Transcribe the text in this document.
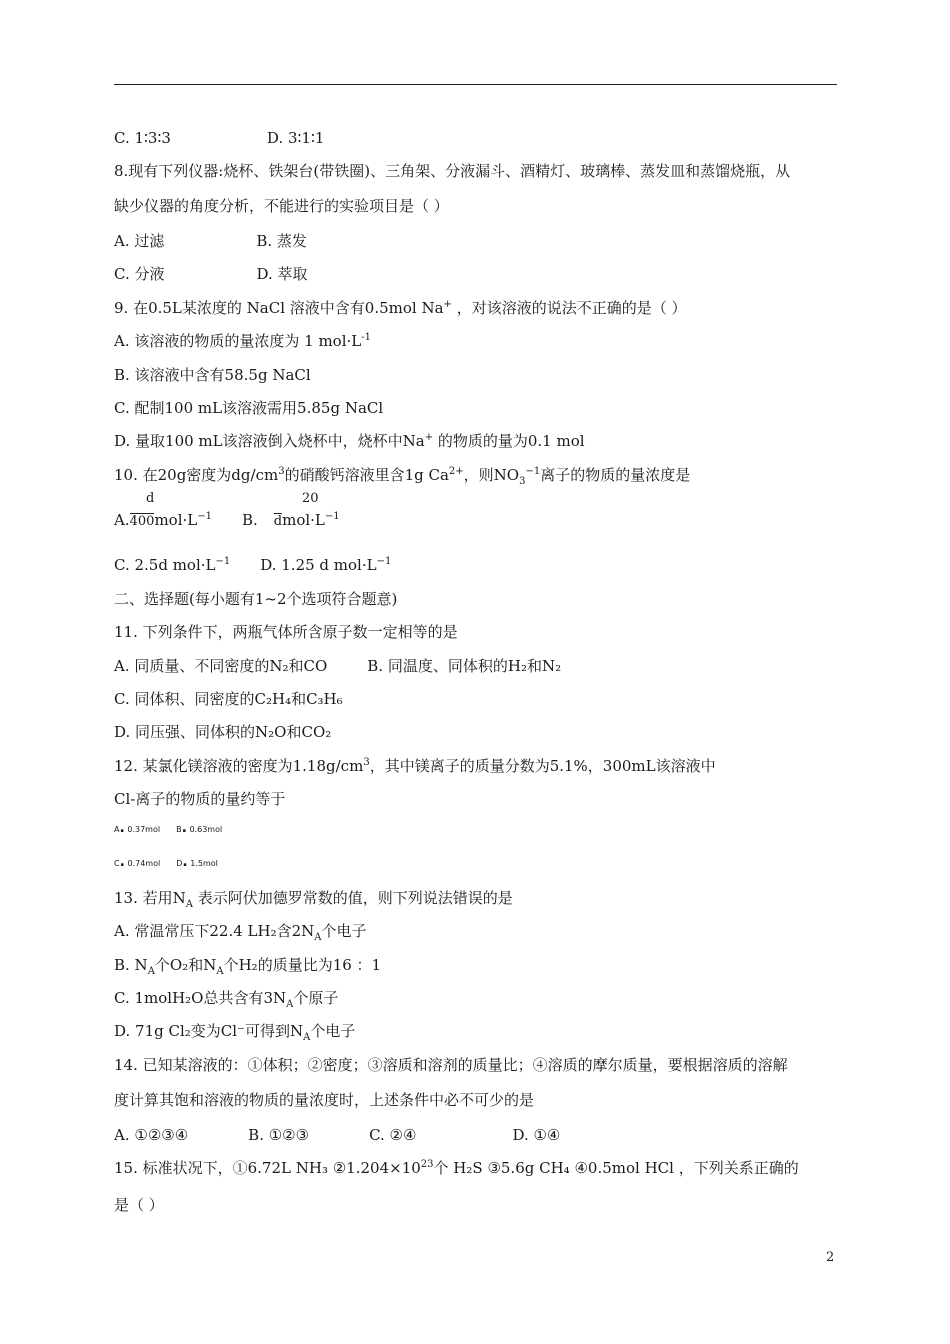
C. 1∶3∶3	D. 3∶1∶1
8.现有下列仪器:烧杯、铁架台(带铁圈)、三角架、分液漏斗、酒精灯、玻璃棒、蒸发皿和蒸馏烧瓶，从
缺少仪器的角度分析，不能进行的实验项目是（ ）
A. 过滤	B. 蒸发
C. 分液	D. 萃取
9. 在0.5L某浓度的 NaCl 溶液中含有0.5mol Na+ ，对该溶液的说法不正确的是（ ）
A. 该溶液的物质的量浓度为 1 $mol\cdot L^{-1}$
B. 该溶液中含有58.5g NaCl
C. 配制100 mL该溶液需用5.85g NaCl
D. 量取100 mL该溶液倒入烧杯中，烧杯中Na+ 的物质的量为0.1 mol
10. 在20g密度为$dg/cm^3$的硝酸钙溶液里含1g $Ca^{2+}$，则$NO_3^{-1}$离子的物质的量浓度是
d	20
$A.400mol\cdot L^{-1}$ B. $dmol\cdot L^{-1}$
C. 2.5d $mol\cdot L^{-1}$ D. 1.25 d $mol\cdot L^{-1}$
二、选择题(每小题有1~2个选项符合题意)
11. 下列条件下，两瓶气体所含原子数一定相等的是
A. 同质量、不同密度的N₂和CO	B. 同温度、同体积的H₂和N₂
C. 同体积、同密度的C₂H₄和C₃H₆
D. 同压强、同体积的N₂O和CO₂
12. 某氯化镁溶液的密度为$1.18g/cm^3$，其中镁离子的质量分数为5.1%，300mL该溶液中
Cl-离子的物质的量约等于
A. 0.37mol B. 0.63mol
C. 0.74mol D. 1.5mol
13. 若用$N_A$ 表示阿伏加德罗常数的值，则下列说法错误的是
A. 常温常压下22.4 LH₂含$2N_A$个电子
B. $N_A$个O₂和$N_A$个H₂的质量比为16 ：1
C. 1molH₂O总共含有$3N_A$个原子
D. 71g Cl₂变为Cl⁻可得到$N_A$个电子
14. 已知某溶液的：①体积；②密度；③溶质和溶剂的质量比；④溶质的摩尔质量，要根据溶质的溶解
度计算其饱和溶液的物质的量浓度时，上述条件中必不可少的是
A. ①②③④	B. ①②③	C. ②④	D. ①④
15. 标准状况下，①6.72L NH₃ $②1.204\times 10^{23}$个 H₂S ③5.6g CH₄ ④0.5mol HCl ，下列关系正确的
是（ ）
2
